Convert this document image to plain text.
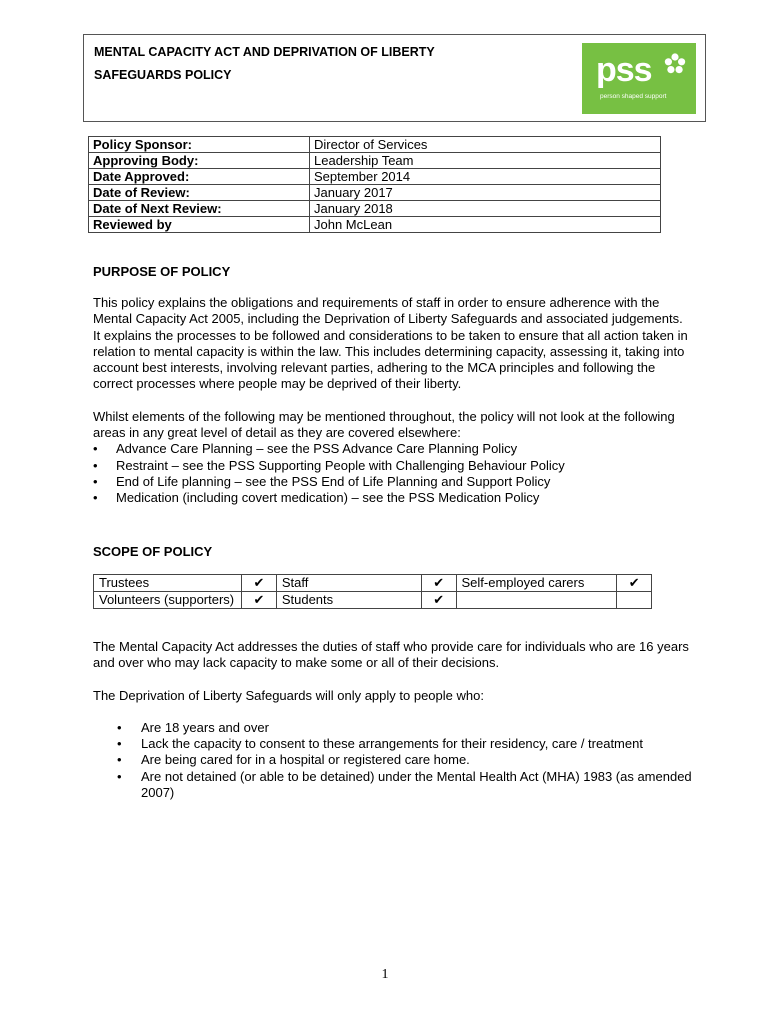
MENTAL CAPACITY ACT AND DEPRIVATION OF LIBERTY
SAFEGUARDS POLICY	pss
person shaped support
Policy Sponsor:	Director of Services
Approving Body:	Leadership Team
Date Approved:	September 2014
Date of Review:	January 2017
Date of Next Review:	January 2018
Reviewed by	John McLean
PURPOSE OF POLICY

This policy explains the obligations and requirements of staff in order to ensure adherence with the Mental Capacity Act 2005, including the Deprivation of Liberty Safeguards and associated judgements. It explains the processes to be followed and considerations to be taken to ensure that all action taken in relation to mental capacity is within the law. This includes determining capacity, assessing it, taking into account best interests, involving relevant parties, adhering to the MCA principles and following the correct processes where people may be deprived of their liberty.

Whilst elements of the following may be mentioned throughout, the policy will not look at the following areas in any great level of detail as they are covered elsewhere:

• Advance Care Planning – see the PSS Advance Care Planning Policy
• Restraint – see the PSS Supporting People with Challenging Behaviour Policy
• End of Life planning – see the PSS End of Life Planning and Support Policy
• Medication (including covert medication) – see the PSS Medication Policy
SCOPE OF POLICY
Trustees	✔	Staff	✔	Self-employed carers	✔
Volunteers (supporters)	✔	Students	✔		

The Mental Capacity Act addresses the duties of staff who provide care for individuals who are 16 years and over who may lack capacity to make some or all of their decisions.

The Deprivation of Liberty Safeguards will only apply to people who:

• Are 18 years and over
• Lack the capacity to consent to these arrangements for their residency, care / treatment
• Are being cared for in a hospital or registered care home.
• Are not detained (or able to be detained) under the Mental Health Act (MHA) 1983 (as amended 2007)
1
